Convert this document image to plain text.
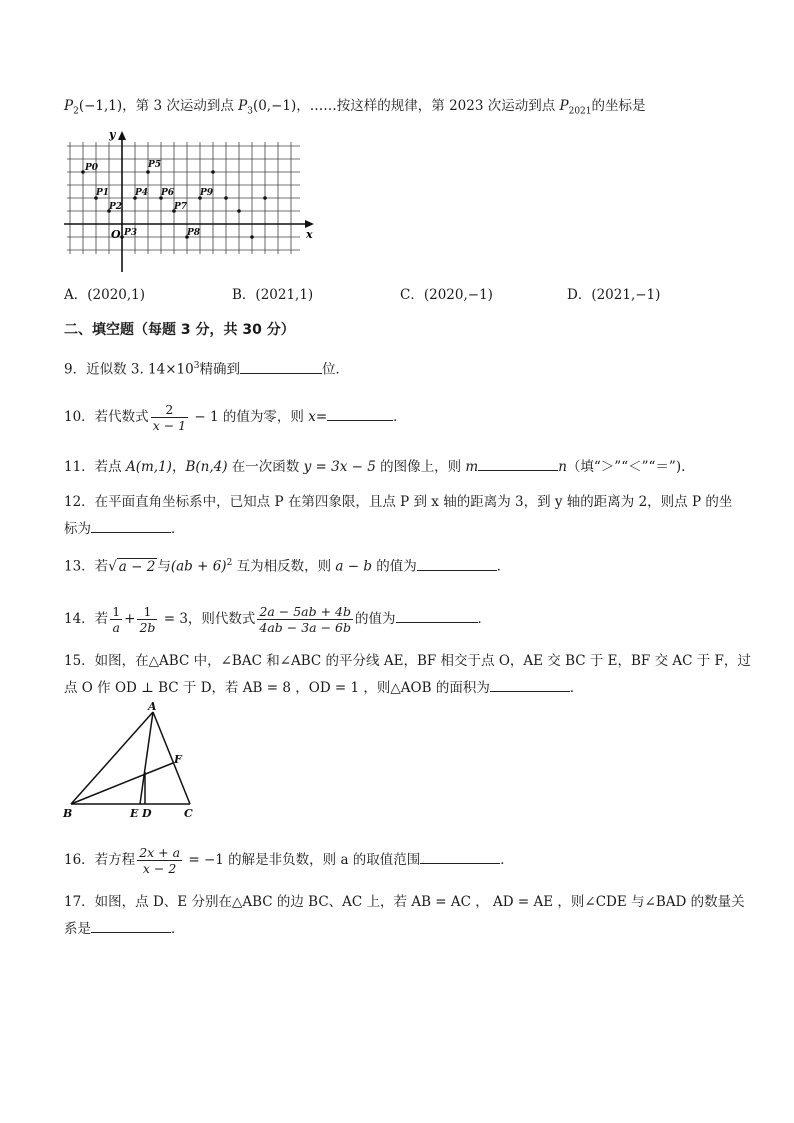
$P_2(-1,1)$，第 3 次运动到点 $P_3(0,-1)$，……按这样的规律，第 2023 次运动到点 $P_{2021}$的坐标是
x
y
O
P0
P1
P2
P3
P4
P5
P6
P7
P8
P9
A．(2020,1)	B．(2021,1)	C．(2020,−1)	D．(2021,−1)
二、填空题（每题 3 分，共 30 分）
9．近似数 3. $14\times 10^3$精确到	位．
10．若代数式 $\frac{2}{x - 1} - 1$ 的值为零，则 x=	．
11．若点 A(m,1)，B(n,4) 在一次函数 y = 3x − 5 的图像上，则 m	n（填“＞”“＜”“＝”).
12．在平面直角坐标系中，已知点 P 在第四象限，且点 P 到 x 轴的距离为 3，到 y 轴的距离为 2，则点 P 的坐
标为	．
13．若√ a − 2 与(ab + 6)$^2$ 互为相反数，则 a − b 的值为	．
14．若 $\frac{1}{a} + \frac{1}{2b} = 3$，则代数式 $\frac{2a - 5ab + 4b}{4ab - 3a - 6b}$ 的值为	．
15．如图，在△ABC 中，∠BAC 和∠ABC 的平分线 AE，BF 相交于点 O，AE 交 BC 于 E，BF 交 AC 于 F，过
点 O 作 OD ⊥ BC 于 D，若 AB = 8 ，OD = 1 ，则△AOB 的面积为	．
A
B	C
E D
F
16．若方程 $\frac{2x + a}{x - 2} = -1$ 的解是非负数，则 a 的取值范围	．
17．如图，点 D、E 分别在△ABC 的边 BC、AC 上，若 AB = AC ， AD = AE ，则∠CDE 与∠BAD 的数量关
系是	．
